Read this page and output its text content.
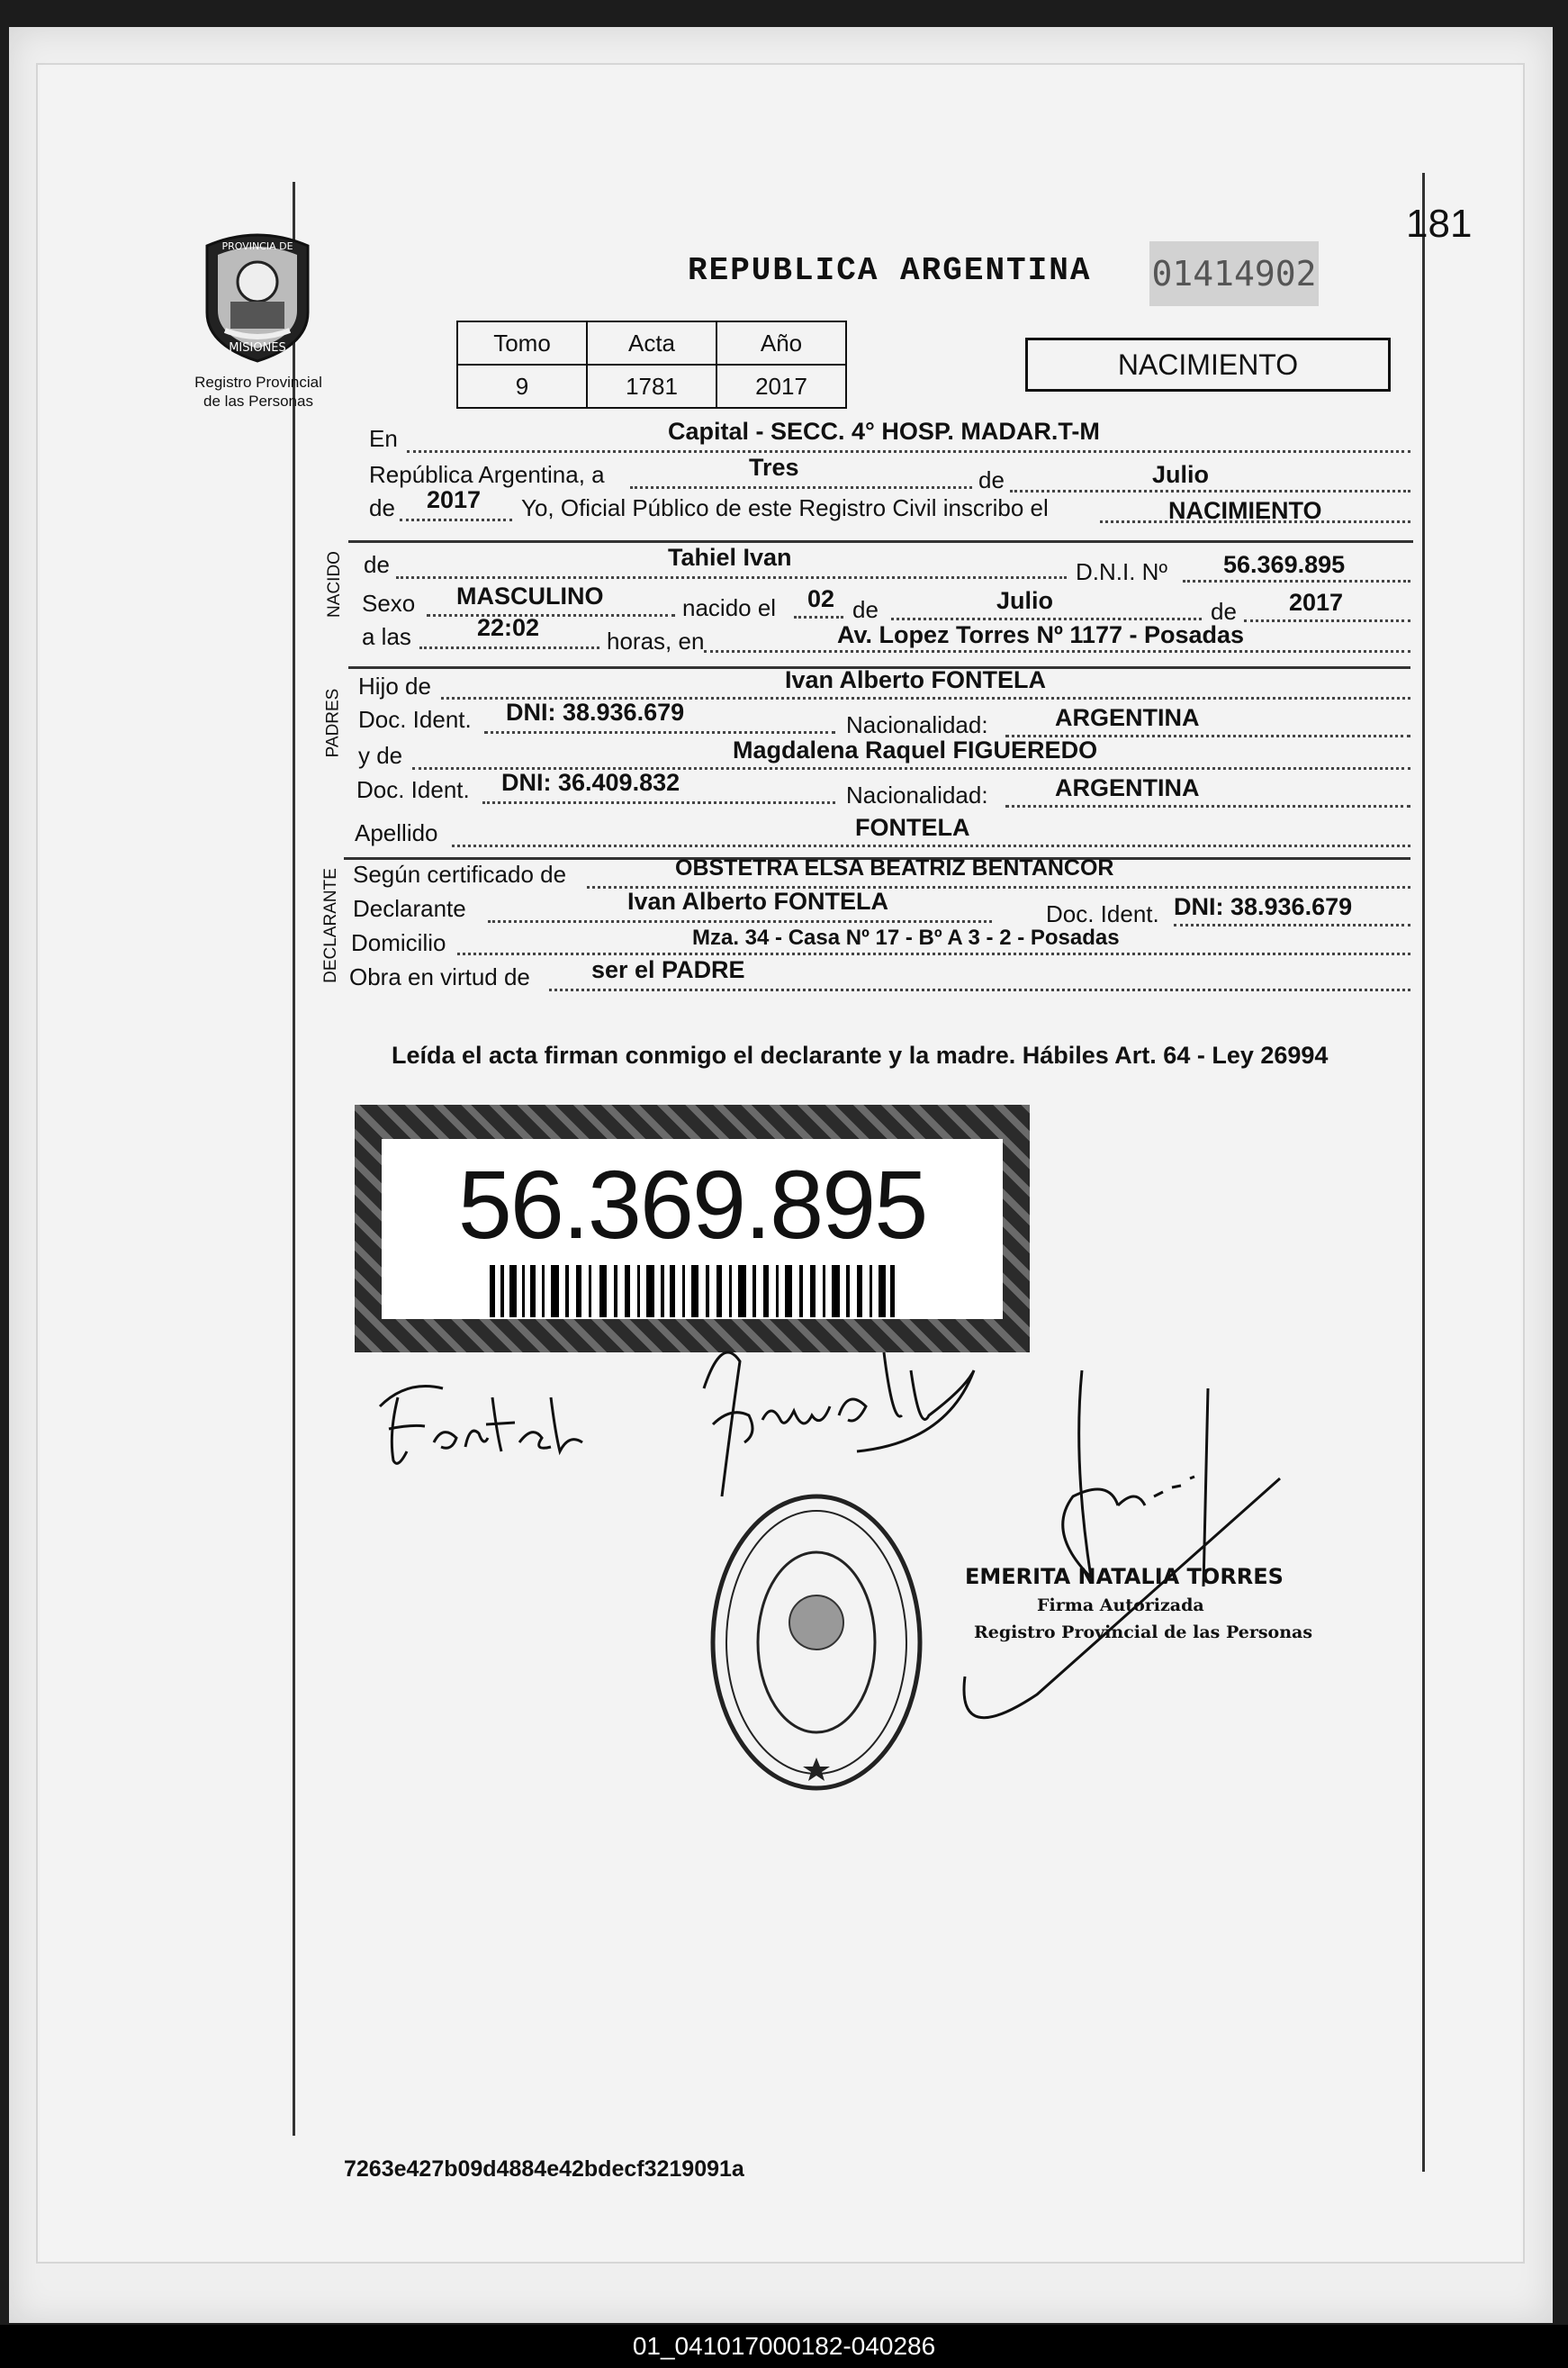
181
PROVINCIA DE
MISIONES
Registro Provincial
de las Personas
REPUBLICA ARGENTINA 01414902
Tomo	Acta	Año
9	1781	2017
NACIMIENTO
En	Capital - SECC. 4° HOSP. MADAR.T-M
República Argentina, a	Tres	de	Julio
de 2017 Yo, Oficial Público de este Registro Civil inscribo el	NACIMIENTO
NACIDO de	Tahiel Ivan
D.N.I. Nº 56.369.895
Sexo MASCULINO	nacido el 02 de	Julio	de 2017
a las	22:02	horas, en	Av. Lopez Torres Nº 1177 - Posadas
PADRES
Hijo de	Ivan Alberto FONTELA
Doc. Ident. DNI: 38.936.679	Nacionalidad:	ARGENTINA
y de	Magdalena Raquel FIGUEREDO
Doc. Ident. DNI: 36.409.832	Nacionalidad:	ARGENTINA
Apellido	FONTELA
DECLARANTE Según certificado de	OBSTETRA ELSA BEATRIZ BENTANCOR
Declarante	Ivan Alberto FONTELA	Doc. Ident. DNI: 38.936.679
Domicilio	Mza. 34 - Casa Nº 17 - Bº A 3 - 2 - Posadas
Obra en virtud de	ser el PADRE
Leída el acta firman conmigo el declarante y la madre. Hábiles Art. 64 - Ley 26994
56.369.895
EMERITA NATALIA TORRES
Firma Autorizada
Registro Provincial de las Personas
7263e427b09d4884e42bdecf3219091a
01_041017000182-040286
